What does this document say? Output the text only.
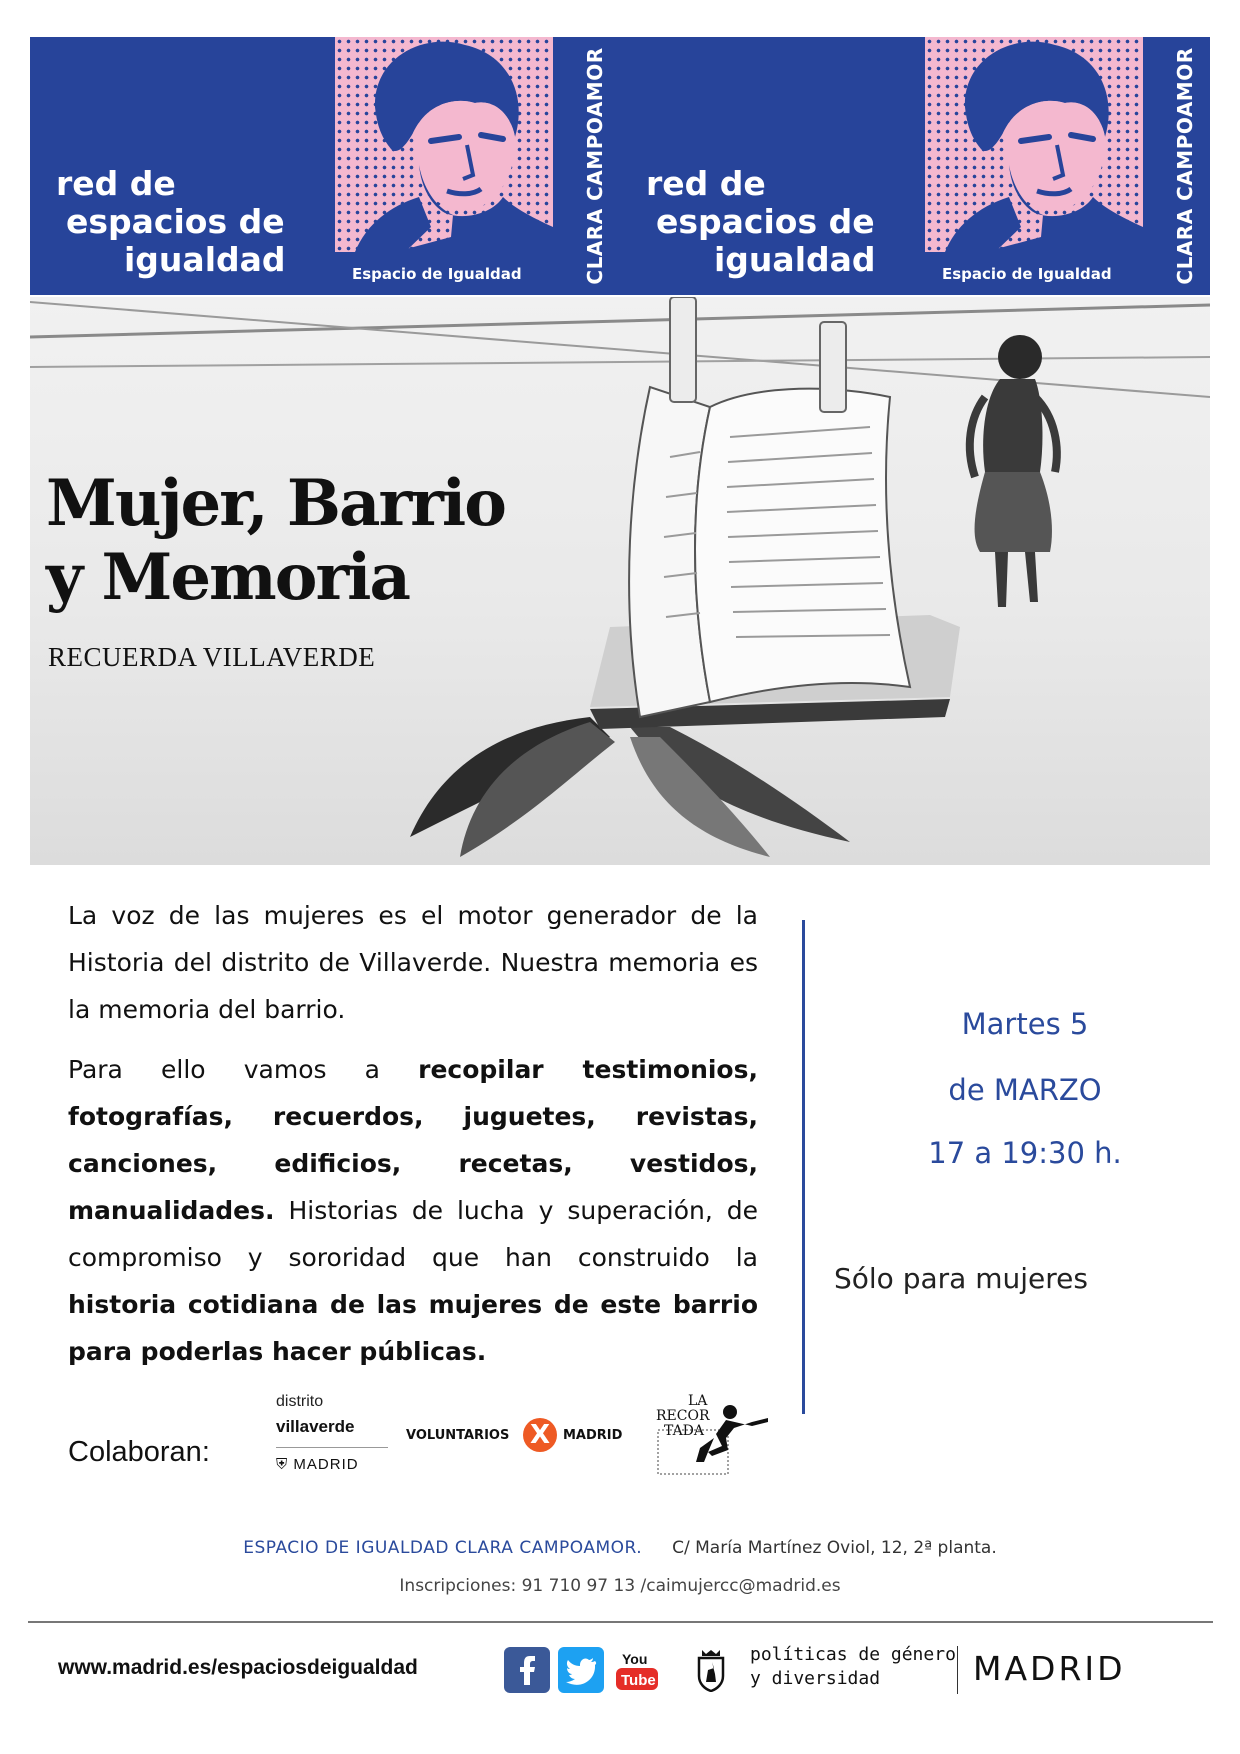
red de
espacios de
igualdad	Espacio de Igualdad	CLARA CAMPOAMOR red de
espacios de
igualdad	Espacio de Igualdad	CLARA CAMPOAMOR
Mujer, Barrio
y Memoria
RECUERDA VILLAVERDE

La voz de las mujeres es el motor generador de la Historia del distrito de Villaverde. Nuestra memoria es la memoria del barrio.

Para ello vamos a recopilar testimonios, fotografías, recuerdos, juguetes, revistas, canciones, edificios, recetas, vestidos, manualidades. Historias de lucha y superación, de compromiso y sororidad que han construido la historia cotidiana de las mujeres de este barrio para poderlas hacer públicas.

Martes 5
de MARZO
17 a 19:30 h.
Sólo para mujeres
Colaboran:
distrito
villaverde
⛨ MADRID
VOLUNTARIOS X MADRID
LA
RECOR
TADA
ESPACIO DE IGUALDAD CLARA CAMPOAMOR. C/ María Martínez Oviol, 12, 2ª planta.
Inscripciones: 91 710 97 13 /caimujercc@madrid.es
www.madrid.es/espaciosdeigualdad	You
Tube
políticas de género
y diversidad	MADRID
